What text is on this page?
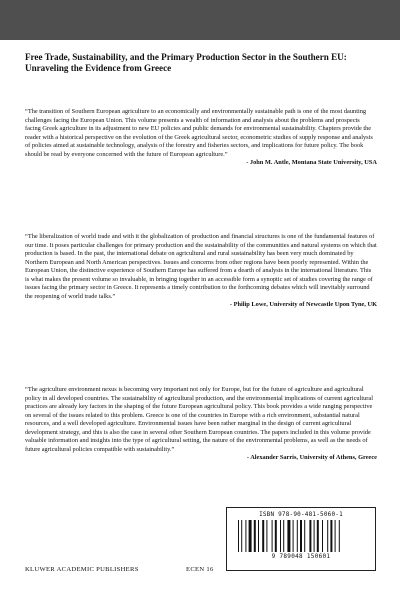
Free Trade, Sustainability, and the Primary Production Sector in the Southern EU: Unraveling the Evidence from Greece

“The transition of Southern European agriculture to an economically and environmentally sustainable path is one of the most daunting challenges facing the European Union. This volume presents a wealth of information and analysis about the problems and prospects facing Greek agriculture in its adjustment to new EU policies and public demands for environmental sustainability. Chapters provide the reader with a historical perspective on the evolution of the Greek agricultural sector, econometric studies of supply response and analysis of policies aimed at sustainable technology, analysis of the forestry and fisheries sectors, and implications for future policy. The book should be read by everyone concerned with the future of European agriculture.”

- John M. Antle, Montana State University, USA

“The liberalization of world trade and with it the globalization of production and financial structures is one of the fundamental features of our time. It poses particular challenges for primary production and the sustainability of the communities and natural systems on which that production is based. In the past, the international debate on agricultural and rural sustainability has been very much dominated by Northern European and North American perspectives. Issues and concerns from other regions have been poorly represented. Within the European Union, the distinctive experience of Southern Europe has suffered from a dearth of analysis in the international literature. This is what makes the present volume so invaluable, in bringing together in an accessible form a synoptic set of studies covering the range of issues facing the primary sector in Greece. It represents a timely contribution to the forthcoming debates which will inevitably surround the reopening of world trade talks.”

- Philip Lowe, University of Newcastle Upon Tyne, UK

“The agriculture environment nexus is becoming very important not only for Europe, but for the future of agriculture and agricultural policy in all developed countries. The sustainability of agricultural production, and the environmental implications of current agricultural practices are already key factors in the shaping of the future European agricultural policy. This book provides a wide ranging perspective on several of the issues related to this problem. Greece is one of the countries in Europe with a rich environment, substantial natural resources, and a well developed agriculture. Environmental issues have been rather marginal in the design of current agricultural development strategy, and this is also the case in several other Southern European countries. The papers included in this volume provide valuable information and insights into the type of agricultural setting, the nature of the environmental problems, as well as the needs of future agricultural policies compatible with sustainability.”

- Alexander Sarris, University of Athens, Greece
ISBN 978-90-481-5060-1
9 789048 150601
KLUWER ACADEMIC PUBLISHERS	ECEN 16
